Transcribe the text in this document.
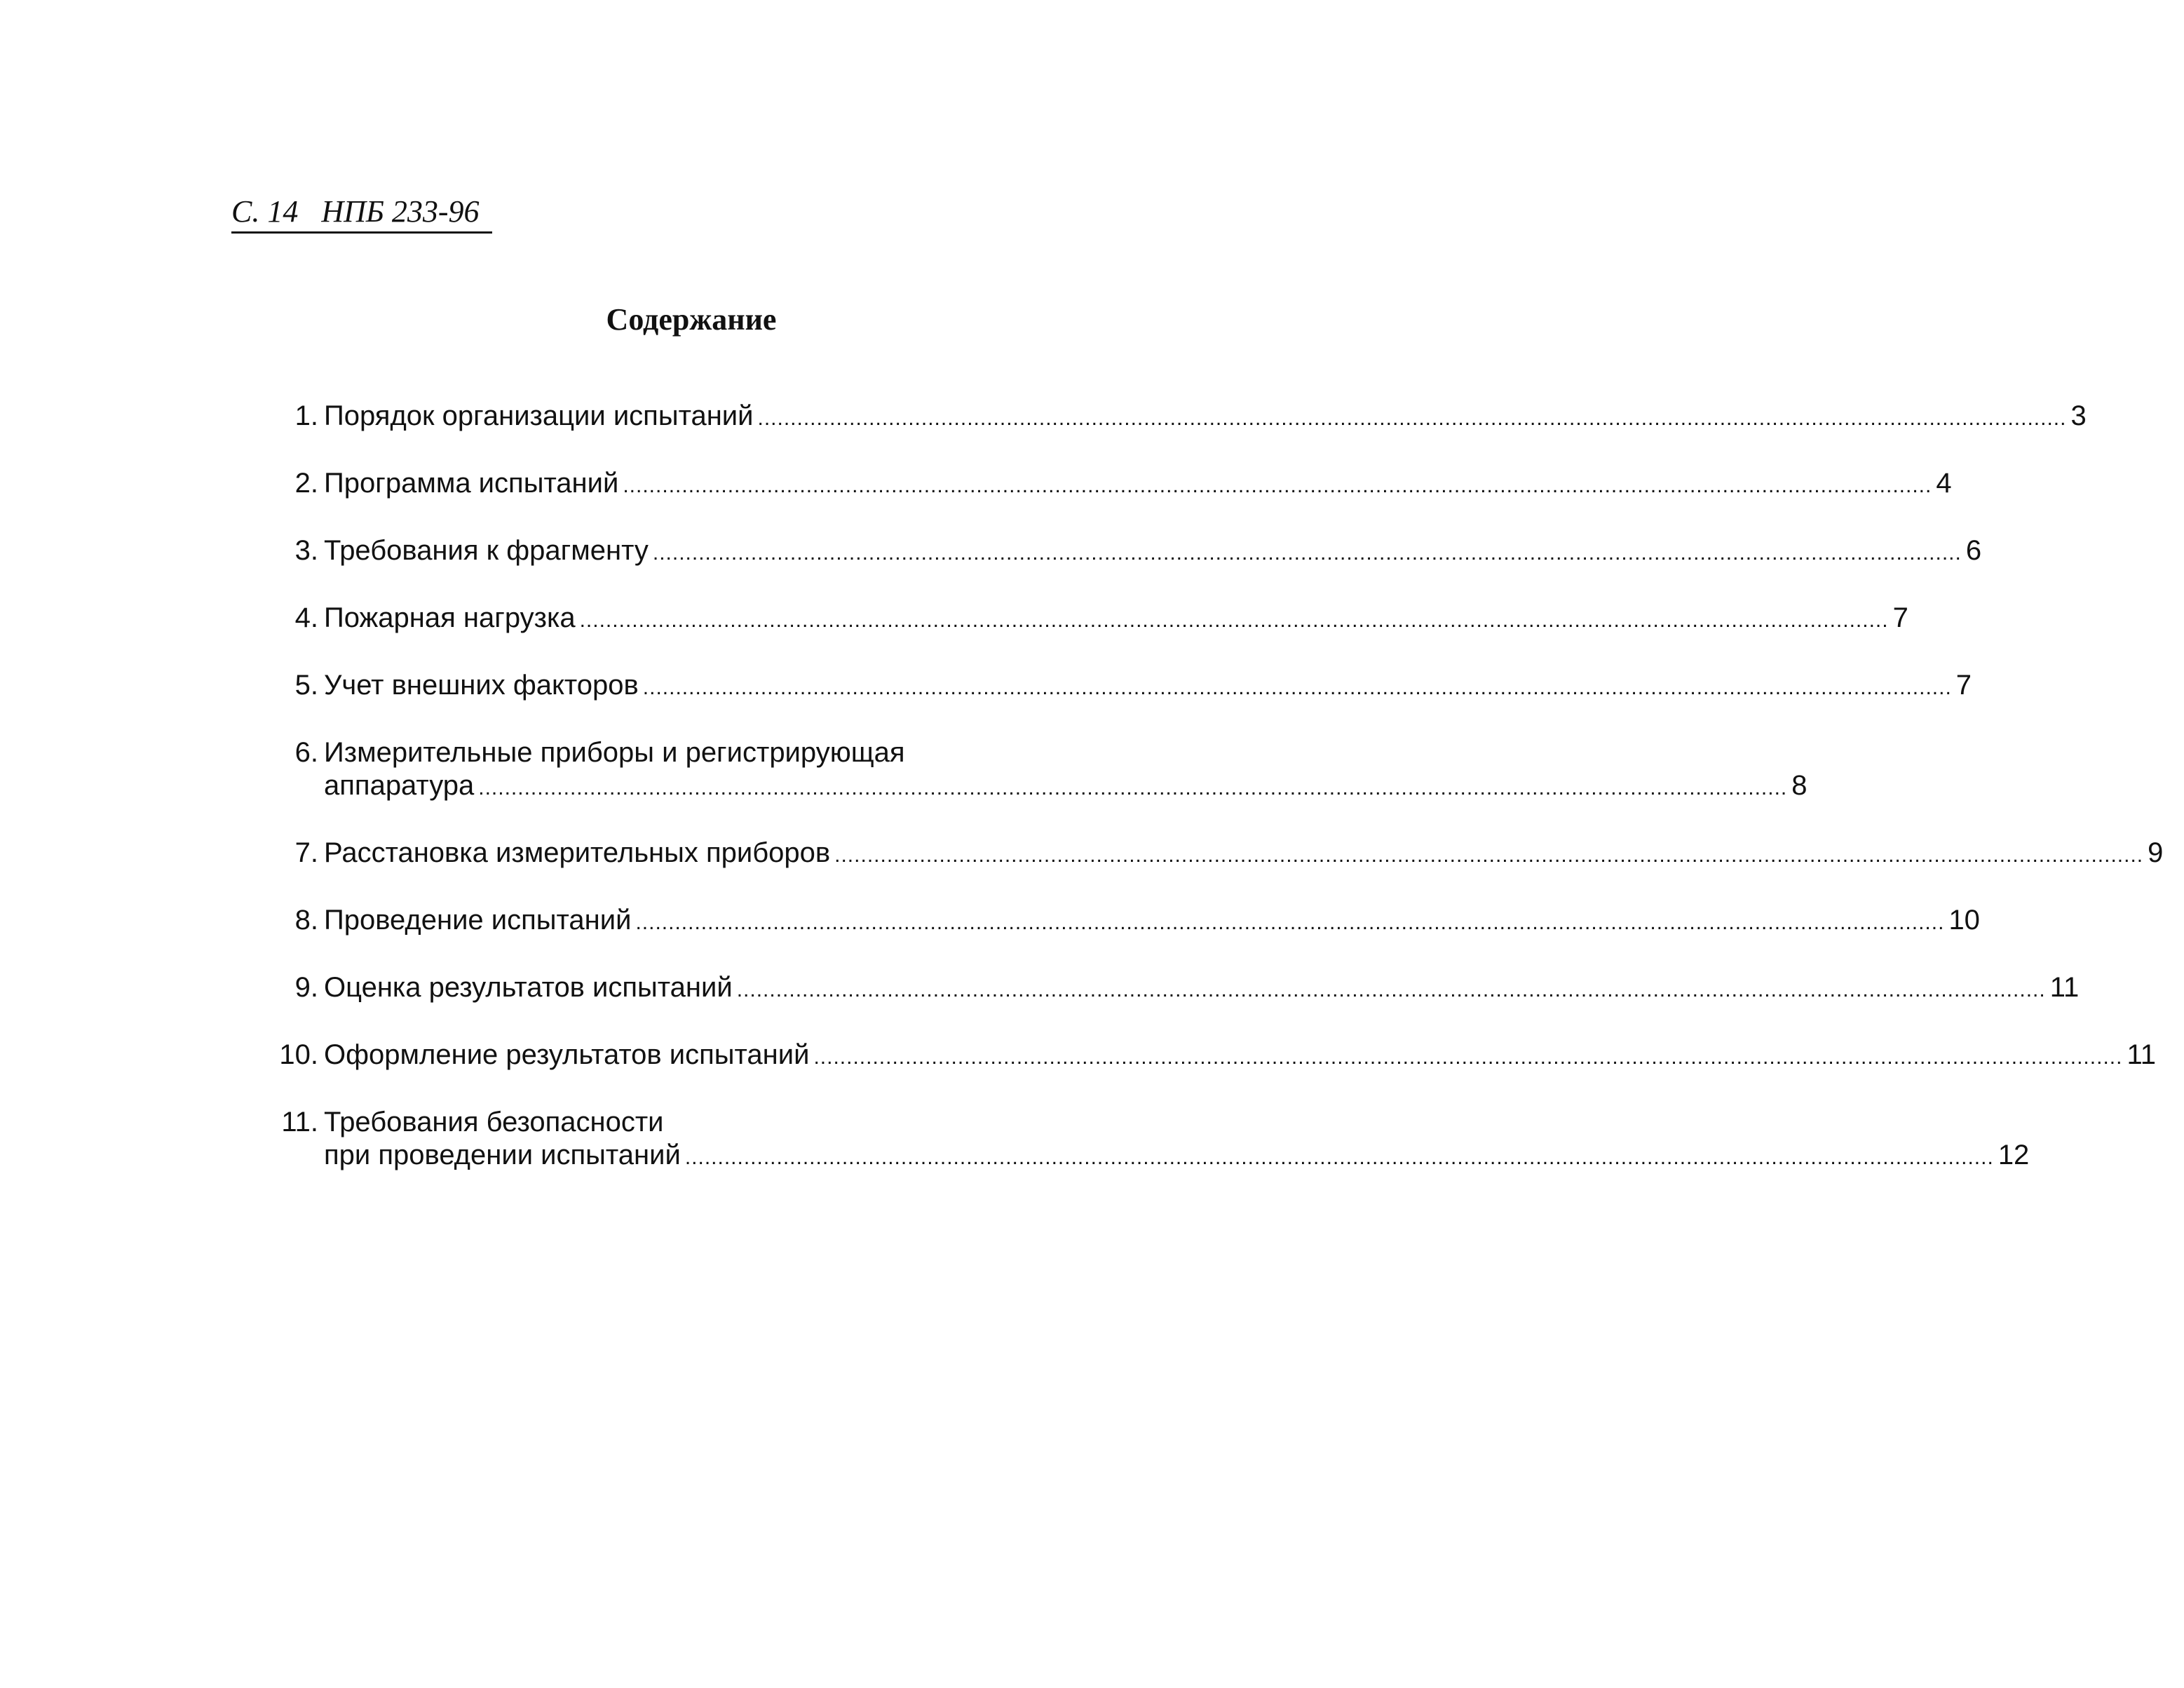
С. 14 НПБ 233-96
Содержание
1. Порядок организации испытаний ........................................................................................................................................................................................................ 3
2. Программа испытаний ........................................................................................................................................................................................................ 4
3. Требования к фрагменту ........................................................................................................................................................................................................ 6
4. Пожарная нагрузка ........................................................................................................................................................................................................ 7
5. Учет внешних факторов ........................................................................................................................................................................................................ 7
6. Измерительные приборы и регистрирующая
аппаратура ........................................................................................................................................................................................................ 8
7. Расстановка измерительных приборов ........................................................................................................................................................................................................ 9
8. Проведение испытаний ........................................................................................................................................................................................................ 10
9. Оценка результатов испытаний ........................................................................................................................................................................................................ 11
10. Оформление результатов испытаний ........................................................................................................................................................................................................ 11
11. Требования безопасности
при проведении испытаний ........................................................................................................................................................................................................ 12
